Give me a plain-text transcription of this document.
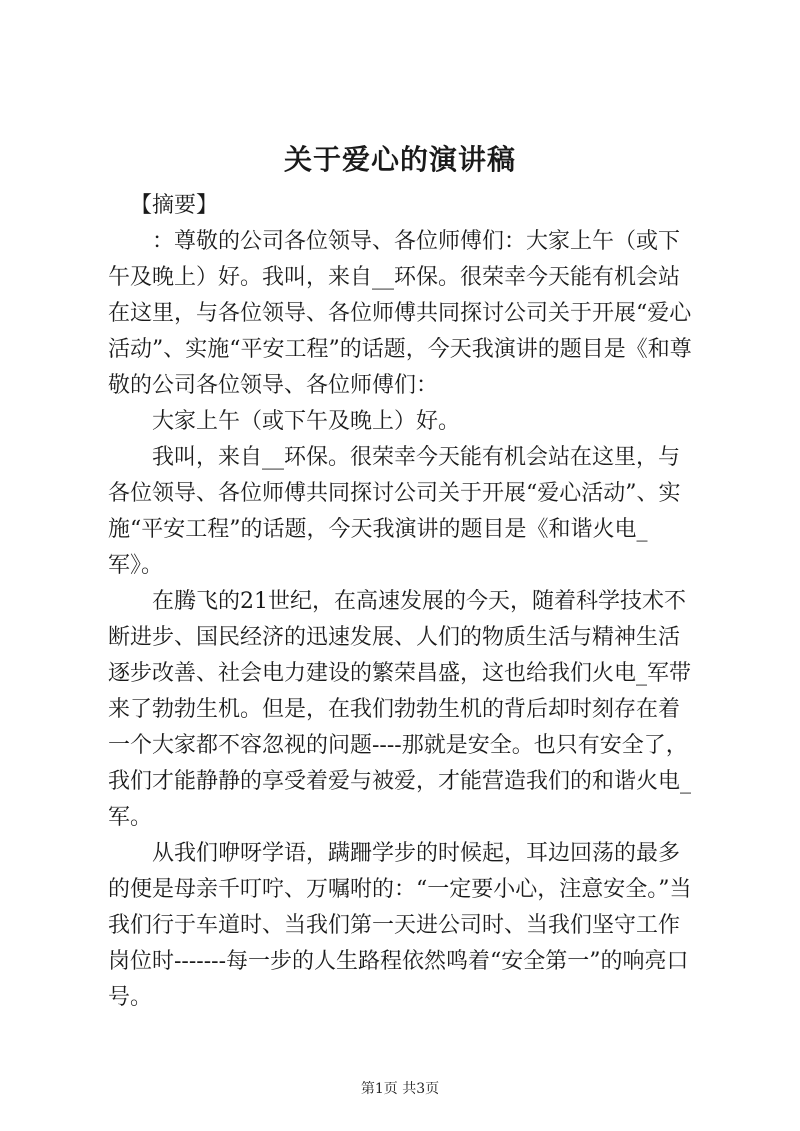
关于爱心的演讲稿

【摘要】

：尊敬的公司各位领导、各位师傅们：大家上午（或下午及晚上）好。我叫，来自__环保。很荣幸今天能有机会站在这里，与各位领导、各位师傅共同探讨公司关于开展“爱心活动”、实施“平安工程”的话题，今天我演讲的题目是《和尊敬的公司各位领导、各位师傅们：

大家上午（或下午及晚上）好。

我叫，来自__环保。很荣幸今天能有机会站在这里，与各位领导、各位师傅共同探讨公司关于开展“爱心活动”、实施“平安工程”的话题，今天我演讲的题目是《和谐火电_军》。

在腾飞的21世纪，在高速发展的今天，随着科学技术不断进步、国民经济的迅速发展、人们的物质生活与精神生活逐步改善、社会电力建设的繁荣昌盛，这也给我们火电_军带来了勃勃生机。但是，在我们勃勃生机的背后却时刻存在着一个大家都不容忽视的问题----那就是安全。也只有安全了，我们才能静静的享受着爱与被爱，才能营造我们的和谐火电_军。

从我们咿呀学语，蹒跚学步的时候起，耳边回荡的最多的便是母亲千叮咛、万嘱咐的：“一定要小心，注意安全。”当我们行于车道时、当我们第一天进公司时、当我们坚守工作岗位时-------每一步的人生路程依然鸣着“安全第一”的响亮口号。

第1页 共3页
